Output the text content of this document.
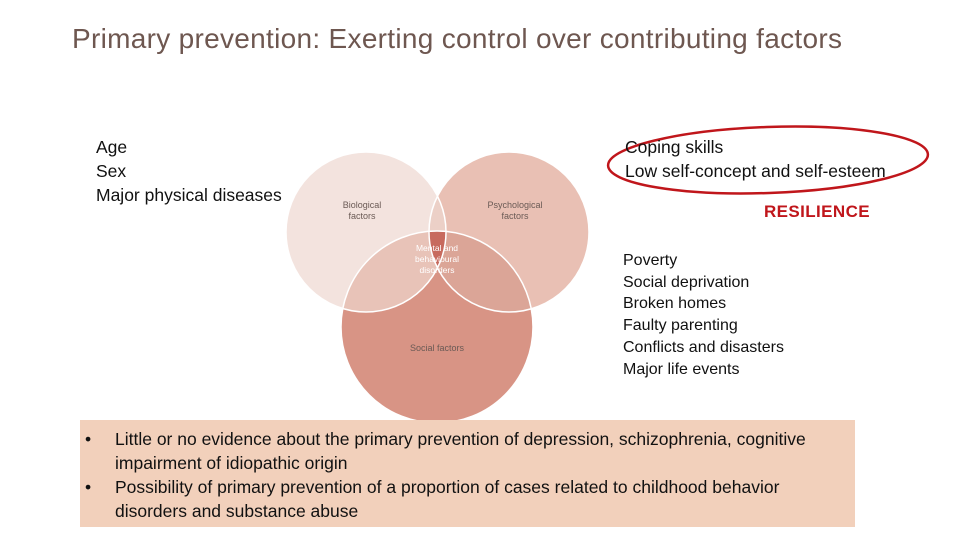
Primary prevention: Exerting control over contributing factors
Age
Sex
Major physical diseases	Biological
factors
Psychological
factors
Social factors
Mental and
behavioural
disorders
Coping skills
Low self-concept and self-esteem
RESILIENCE
Poverty
Social deprivation
Broken homes
Faulty parenting
Conflicts and disasters
Major life events
• Little or no evidence about the primary prevention of depression, schizophrenia, cognitive impairment of idiopathic origin
• Possibility of primary prevention of a proportion of cases related to childhood behavior disorders and substance abuse
